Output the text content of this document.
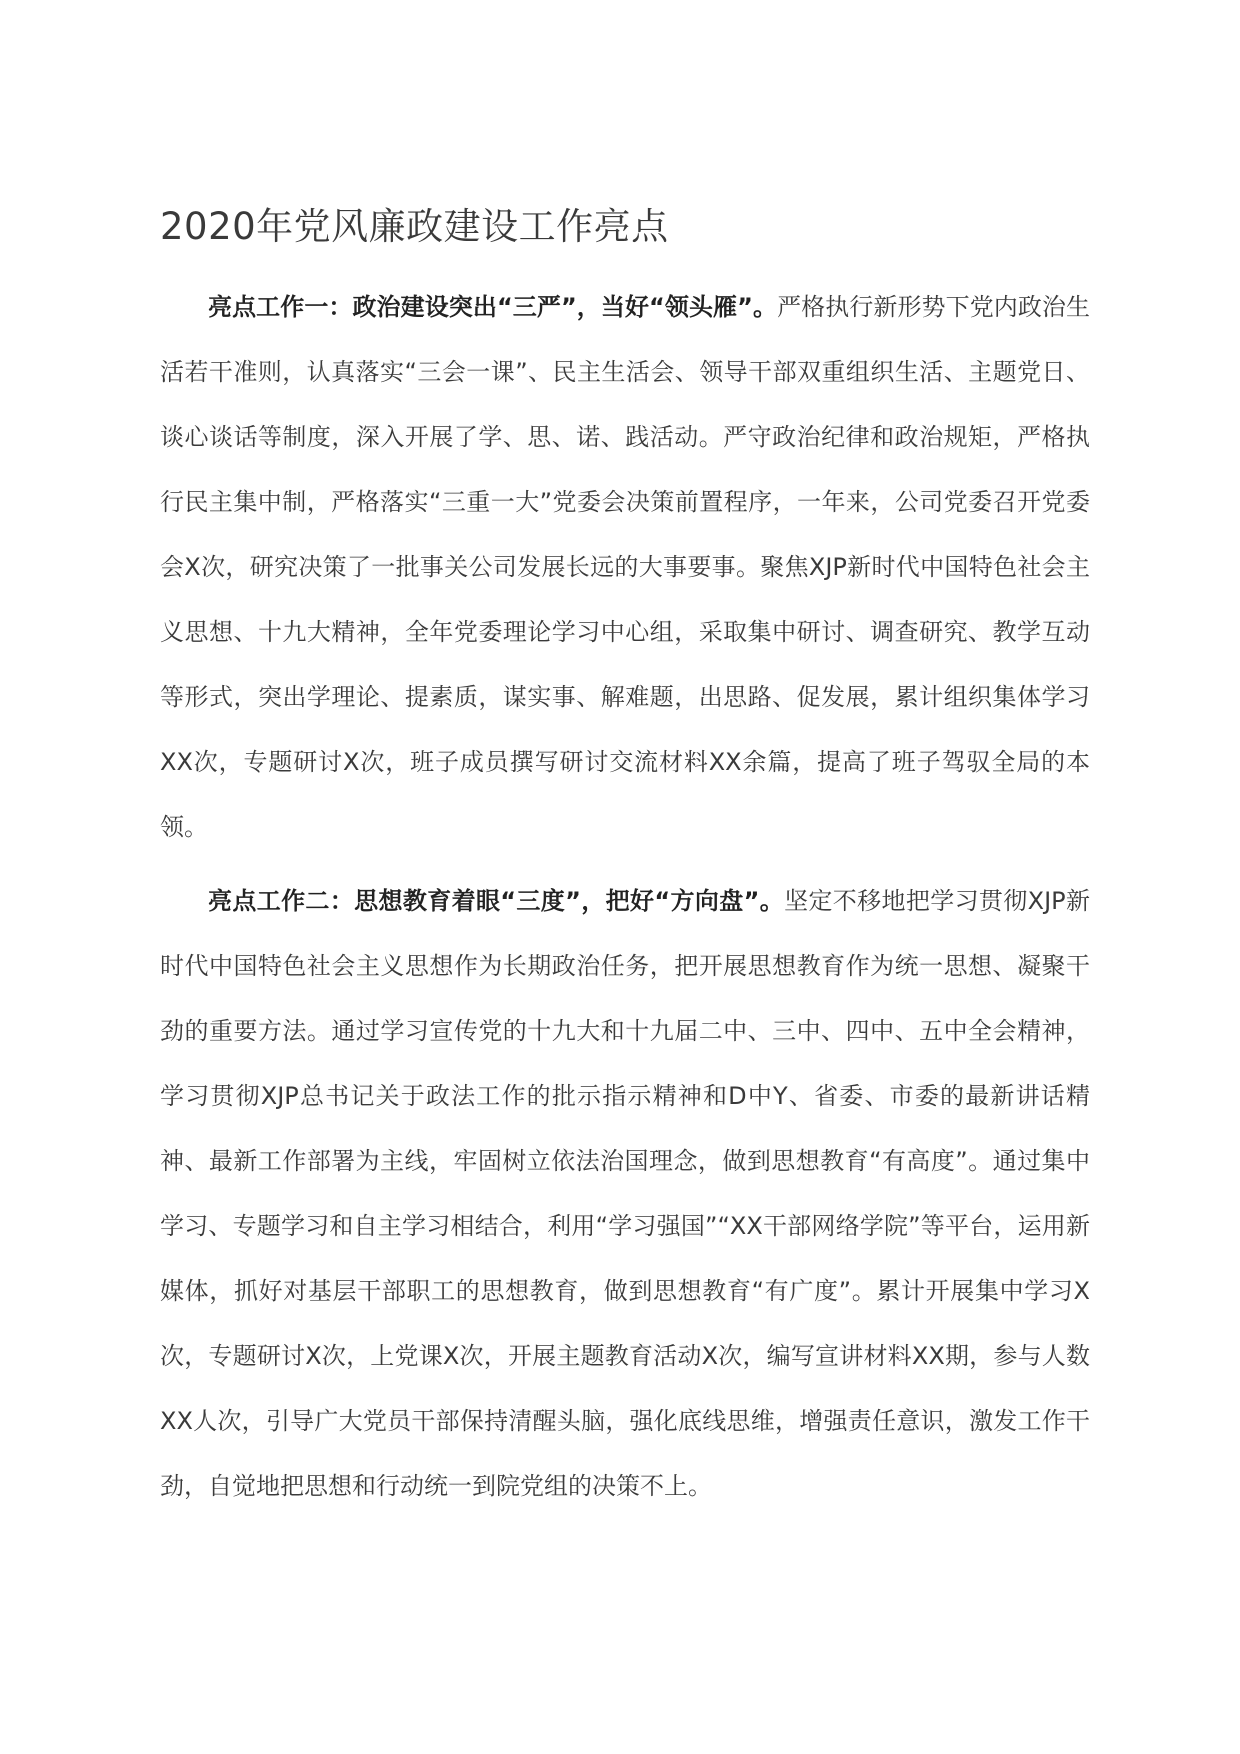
2020年党风廉政建设工作亮点

亮点工作一：政治建设突出“三严”，当好“领头雁”。严格执行新形势下党内政治生活若干准则，认真落实“三会一课”、民主生活会、领导干部双重组织生活、主题党日、谈心谈话等制度，深入开展了学、思、诺、践活动。严守政治纪律和政治规矩，严格执行民主集中制，严格落实“三重一大”党委会决策前置程序，一年来，公司党委召开党委会X次，研究决策了一批事关公司发展长远的大事要事。聚焦XJP新时代中国特色社会主义思想、十九大精神，全年党委理论学习中心组，采取集中研讨、调查研究、教学互动等形式，突出学理论、提素质，谋实事、解难题，出思路、促发展，累计组织集体学习XX次，专题研讨X次，班子成员撰写研讨交流材料XX余篇，提高了班子驾驭全局的本领。

亮点工作二：思想教育着眼“三度”，把好“方向盘”。坚定不移地把学习贯彻XJP新时代中国特色社会主义思想作为长期政治任务，把开展思想教育作为统一思想、凝聚干劲的重要方法。通过学习宣传党的十九大和十九届二中、三中、四中、五中全会精神，学习贯彻XJP总书记关于政法工作的批示指示精神和D中Y、省委、市委的最新讲话精神、最新工作部署为主线，牢固树立依法治国理念，做到思想教育“有高度”。通过集中学习、专题学习和自主学习相结合，利用“学习强国”“XX干部网络学院”等平台，运用新媒体，抓好对基层干部职工的思想教育，做到思想教育“有广度”。累计开展集中学习X次，专题研讨X次，上党课X次，开展主题教育活动X次，编写宣讲材料XX期，参与人数XX人次，引导广大党员干部保持清醒头脑，强化底线思维，增强责任意识，激发工作干劲，自觉地把思想和行动统一到院党组的决策不上。
